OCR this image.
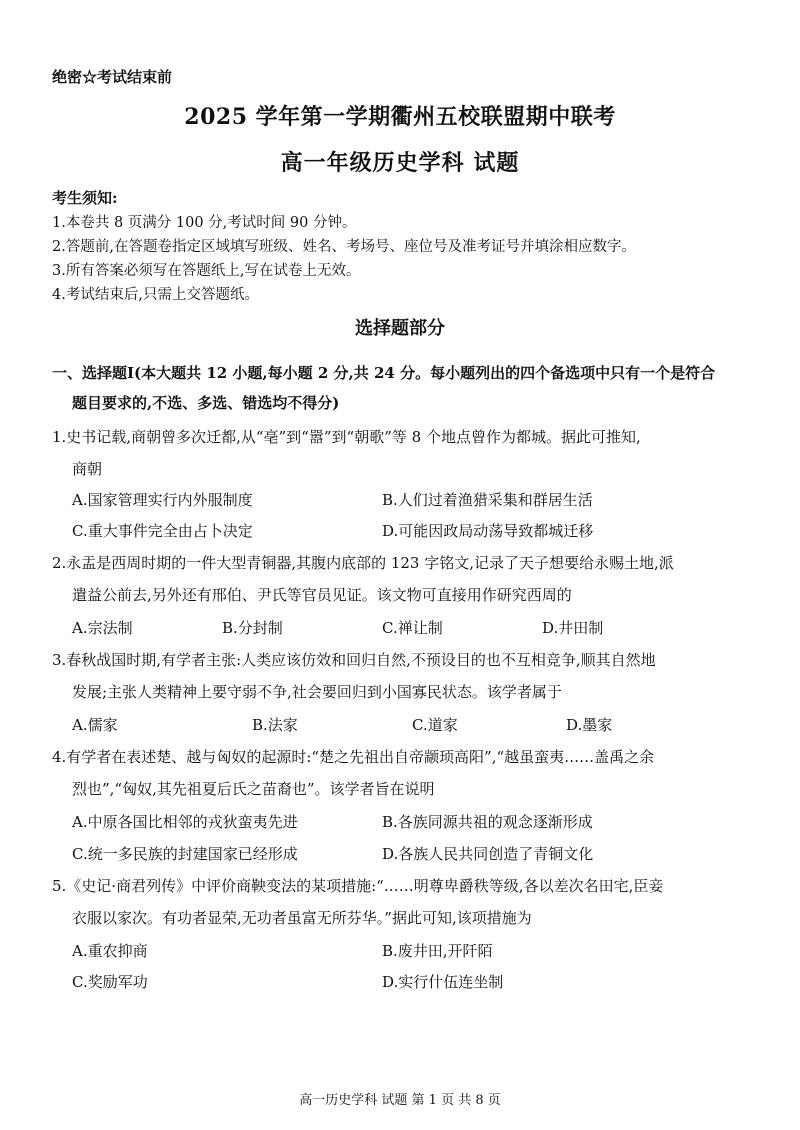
绝密☆考试结束前
2025 学年第一学期衢州五校联盟期中联考
高一年级历史学科 试题
考生须知:
1.本卷共 8 页满分 100 分,考试时间 90 分钟。
2.答题前,在答题卷指定区域填写班级、姓名、考场号、座位号及准考证号并填涂相应数字。
3.所有答案必须写在答题纸上,写在试卷上无效。
4.考试结束后,只需上交答题纸。
选择题部分
一、选择题Ⅰ(本大题共 12 小题,每小题 2 分,共 24 分。每小题列出的四个备选项中只有一个是符合
题目要求的,不选、多选、错选均不得分)
1.史书记载,商朝曾多次迁都,从“亳”到“嚣”到“朝歌”等 8 个地点曾作为都城。据此可推知,
商朝
A.国家管理实行内外服制度	B.人们过着渔猎采集和群居生活
C.重大事件完全由占卜决定	D.可能因政局动荡导致都城迁移
2.永盂是西周时期的一件大型青铜器,其腹内底部的 123 字铭文,记录了天子想要给永赐土地,派
遣益公前去,另外还有邢伯、尹氏等官员见证。该文物可直接用作研究西周的
A.宗法制	B.分封制	C.禅让制	D.井田制
3.春秋战国时期,有学者主张:人类应该仿效和回归自然,不预设目的也不互相竞争,顺其自然地
发展;主张人类精神上要守弱不争,社会要回归到小国寡民状态。该学者属于
A.儒家	B.法家	C.道家	D.墨家
4.有学者在表述楚、越与匈奴的起源时:“楚之先祖出自帝颛顼高阳”,“越虽蛮夷……盖禹之余
烈也”,“匈奴,其先祖夏后氏之苗裔也”。该学者旨在说明
A.中原各国比相邻的戎狄蛮夷先进	B.各族同源共祖的观念逐渐形成
C.统一多民族的封建国家已经形成	D.各族人民共同创造了青铜文化
5.《史记·商君列传》中评价商鞅变法的某项措施:“……明尊卑爵秩等级,各以差次名田宅,臣妾
衣服以家次。有功者显荣,无功者虽富无所芬华。”据此可知,该项措施为
A.重农抑商	B.废井田,开阡陌
C.奖励军功	D.实行什伍连坐制
高一历史学科 试题 第 1 页 共 8 页
